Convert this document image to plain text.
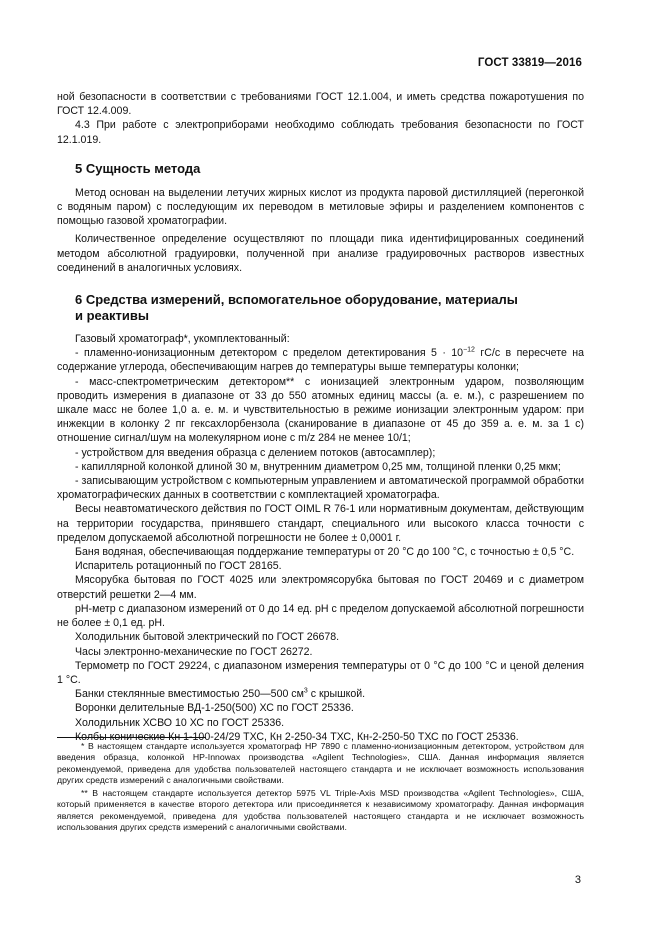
ГОСТ 33819—2016

ной безопасности в соответствии с требованиями ГОСТ 12.1.004, и иметь средства пожаротушения по ГОСТ 12.4.009.

4.3 При работе с электроприборами необходимо соблюдать требования безопасности по ГОСТ 12.1.019.

5 Сущность метода

Метод основан на выделении летучих жирных кислот из продукта паровой дистилляцией (перегонкой с водяным паром) с последующим их переводом в метиловые эфиры и разделением компонентов с помощью газовой хроматографии.

Количественное определение осуществляют по площади пика идентифицированных соединений методом абсолютной градуировки, полученной при анализе градуировочных растворов известных соединений в аналогичных условиях.

6 Средства измерений, вспомогательное оборудование, материалы
и реактивы

Газовый хроматограф*, укомплектованный:

- пламенно-ионизационным детектором с пределом детектирования $5 \cdot 10^{-12}$ гС/с в пересчете на содержание углерода, обеспечивающим нагрев до температуры выше температуры колонки;

- масс-спектрометрическим детектором** с ионизацией электронным ударом, позволяющим проводить измерения в диапазоне от 33 до 550 атомных единиц массы (а. е. м.), с разрешением по шкале масс не более 1,0 а. е. м. и чувствительностью в режиме ионизации электронным ударом: при инжекции в колонку 2 пг гексахлорбензола (сканирование в диапазоне от 45 до 359 а. е. м. за 1 с) отношение сигнал/шум на молекулярном ионе с m/z 284 не менее 10/1;

- устройством для введения образца с делением потоков (автосамплер);

- капиллярной колонкой длиной 30 м, внутренним диаметром 0,25 мм, толщиной пленки 0,25 мкм;

- записывающим устройством с компьютерным управлением и автоматической программой обработки хроматографических данных в соответствии с комплектацией хроматографа.

Весы неавтоматического действия по ГОСТ OIML R 76-1 или нормативным документам, действующим на территории государства, принявшего стандарт, специального или высокого класса точности с пределом допускаемой абсолютной погрешности не более ± 0,0001 г.

Баня водяная, обеспечивающая поддержание температуры от 20 °С до 100 °С, с точностью ± 0,5 °С.

Испаритель ротационный по ГОСТ 28165.

Мясорубка бытовая по ГОСТ 4025 или электромясорубка бытовая по ГОСТ 20469 и с диаметром отверстий решетки 2—4 мм.

рН-метр с диапазоном измерений от 0 до 14 ед. рН с пределом допускаемой абсолютной погрешности не более ± 0,1 ед. рН.

Холодильник бытовой электрический по ГОСТ 26678.

Часы электронно-механические по ГОСТ 26272.

Термометр по ГОСТ 29224, с диапазоном измерения температуры от 0 °С до 100 °С и ценой деления 1 °С.

Банки стеклянные вместимостью 250—500 $см^3$ с крышкой.

Воронки делительные ВД-1-250(500) ХС по ГОСТ 25336.

Холодильник ХСВО 10 ХС по ГОСТ 25336.

Колбы конические Кн 1-100-24/29 ТХС, Кн 2-250-34 ТХС, Кн-2-250-50 ТХС по ГОСТ 25336.

* В настоящем стандарте используется хроматограф НР 7890 с пламенно-ионизационным детектором, устройством для введения образца, колонкой HP-Innowax производства «Agilent Technologies», США. Данная информация является рекомендуемой, приведена для удобства пользователей настоящего стандарта и не исключает возможность использования других средств измерений с аналогичными свойствами.

** В настоящем стандарте используется детектор 5975 VL Triple-Axis MSD производства «Agilent Technologies», США, который применяется в качестве второго детектора или присоединяется к независимому хроматографу. Данная информация является рекомендуемой, приведена для удобства пользователей настоящего стандарта и не исключает возможность использования других средств измерений с аналогичными свойствами.

3
